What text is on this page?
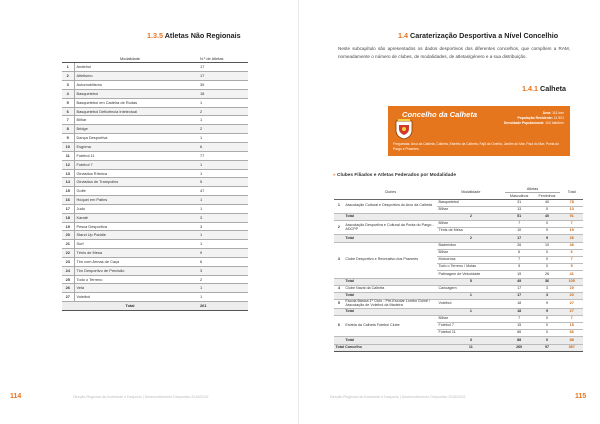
1.3.5 Atletas Não Regionais
Modalidade		N.º de Atletas
1	Andebol	17
2	Atletismo	17
3	Automobilismo	35
4	Basquetebol	18
5	Basquetebol em Cadeira de Rodas	1
6	Basquetebol Deficiência Intelectual	2
7	Bilhar	1
8	Bridge	2
9	Dança Desportiva	1
10	Esgrima	6
11	Futebol 11	77
12	Futebol 7	1
13	Ginástica Rítmica	1
14	Ginástica de Trampolins	5
15	Golfe	47
16	Hóquei em Patins	1
17	Judo	1
18	Karaté	3
19	Pesca Desportiva	3
20	Stand Up Paddle	1
21	Surf	1
22	Ténis de Mesa	9
23	Tiro com Armas de Caça	6
24	Tiro Desportivo de Precisão	3
25	Todo o Terreno	2
26	Vela	1
27	Voleibol	1
Total		261
114	Direção Regional da Juventude e Desporto | Desenvolvimento Desportivo 2018/2019
1.4 Caraterização Desportiva a Nível Concelhio
Neste subcapítulo são apresentados os dados desportivos dos diferentes concelhos, que compõem a RAM, nomeadamente o número de clubes, de modalidades, de atletas/género e a sua distribuição.
1.4.1 Calheta
Concelho da Calheta	Área: 111 km²
População Residente: 11 521
Densidade Populacional: 104 hab/km²
Freguesias: Arco da Calheta, Calheta, Estreito da Calheta, Fajã da Ovelha, Jardim do Mar, Paul do Mar, Ponta do Pargo e Prazeres.
» Clubes Filiados e Atletas Federados por Modalidade
	Clubes	Modalidade	Atletas		Total
			Masculinos	Femininos	
1	Associação Cultural e Desportiva do Arco da Calheta	Basquetebol	31	40	78
		Bilhar	13	0	13
	Total	2	51	40	91
2	Associação Desportiva e Cultural da Ponta do Pargo - ADCPP	Bilhar	7	0	7
		Ténis de Mesa	10	9	19
	Total	2	17	9	26
3	Clube Desportivo e Recreativo dos Prazeres	Badminton	26	10	46
		Bilhar	6	0	6
		Motocross	7	0	7
		Todo o Terreno / Motas	5	0	5
		Patinagem de Velocidade	15	26	41
	Total	5	49	36	105
4	Clube Naval da Calheta	Canoagem	17	3	20
	Total	1	17	3	20
5	Escola Básica 1º Ciclo - Pré-Escolar Lombo Guiné / Associação de Voleibol da Madeira	Voleibol	18	9	27
	Total	1	18	9	27
6	Estrela da Calheta Futebol Clube	Bilhar	7	0	7
		Futebol 7	15	0	15
		Futebol 11	66	0	66
	Total	3	88	0	88
Total Concelho		11	260	97	357
Direção Regional da Juventude e Desporto | Desenvolvimento Desportivo 2018/2019	115
